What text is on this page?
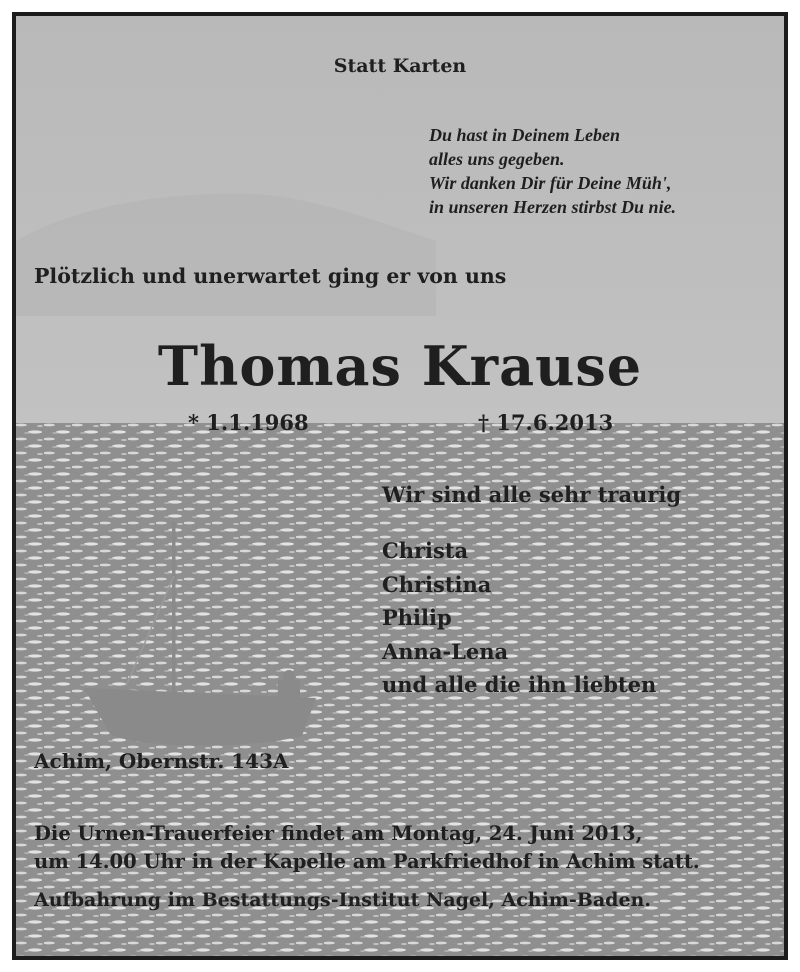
Statt Karten
Du hast in Deinem Leben
alles uns gegeben.
Wir danken Dir für Deine Müh',
in unseren Herzen stirbst Du nie.
Plötzlich und unerwartet ging er von uns
Thomas Krause
* 1.1.1968	† 17.6.2013
Wir sind alle sehr traurig
Christa
Christina
Philip
Anna-Lena
und alle die ihn liebten
Achim, Obernstr. 143A
Die Urnen-Trauerfeier findet am Montag, 24. Juni 2013,
um 14.00 Uhr in der Kapelle am Parkfriedhof in Achim statt.
Aufbahrung im Bestattungs-Institut Nagel, Achim-Baden.
